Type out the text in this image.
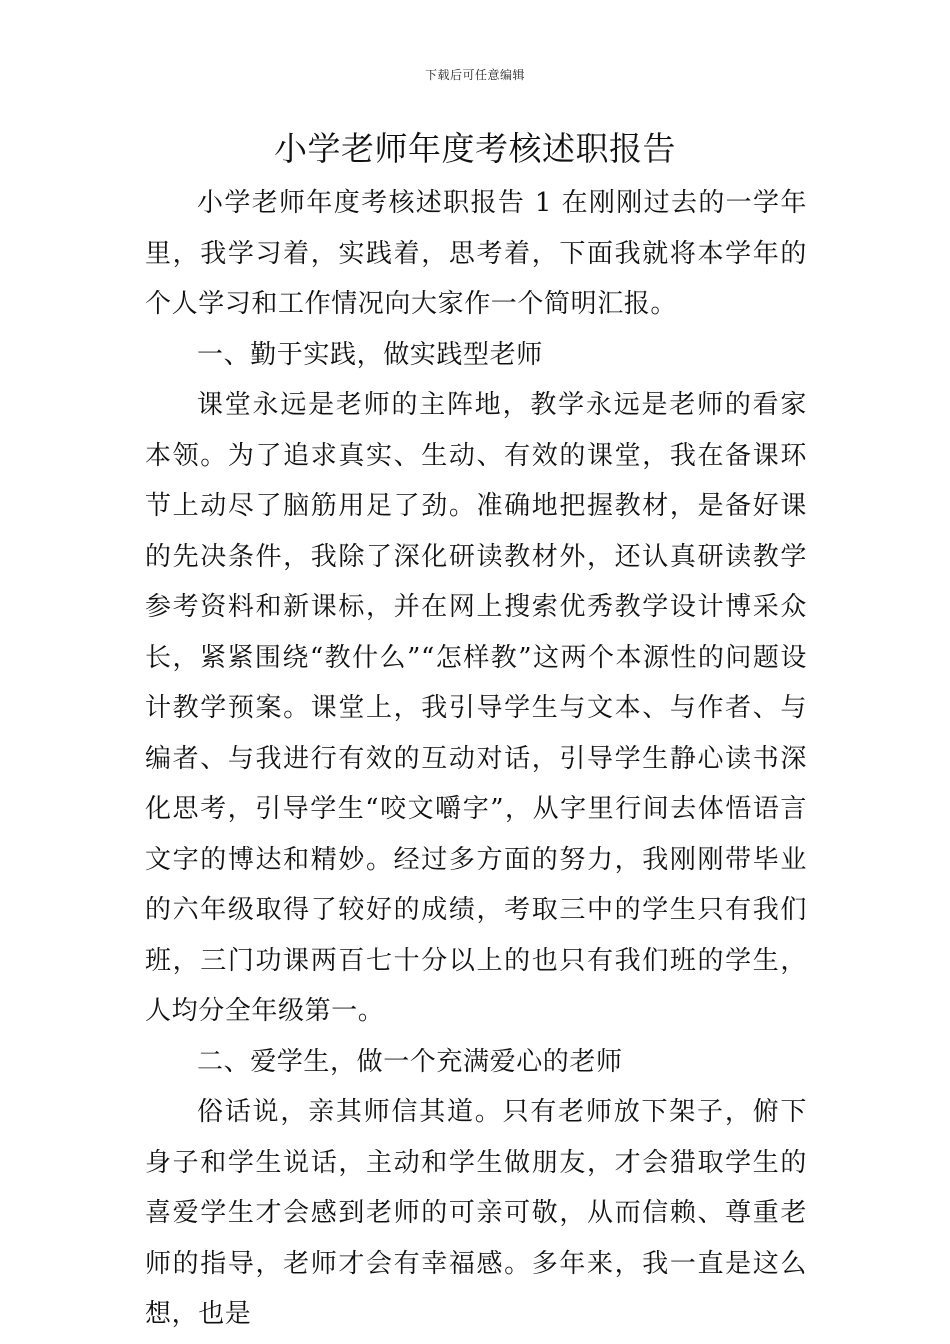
下载后可任意编辑
小学老师年度考核述职报告

小学老师年度考核述职报告 1 在刚刚过去的一学年里，我学习着，实践着，思考着，下面我就将本学年的个人学习和工作情况向大家作一个简明汇报。

一、勤于实践，做实践型老师

课堂永远是老师的主阵地，教学永远是老师的看家本领。为了追求真实、生动、有效的课堂，我在备课环节上动尽了脑筋用足了劲。准确地把握教材，是备好课的先决条件，我除了深化研读教材外，还认真研读教学参考资料和新课标，并在网上搜索优秀教学设计博采众长，紧紧围绕“教什么”“怎样教”这两个本源性的问题设计教学预案。课堂上，我引导学生与文本、与作者、与编者、与我进行有效的互动对话，引导学生静心读书深化思考，引导学生“咬文嚼字”，从字里行间去体悟语言文字的博达和精妙。经过多方面的努力，我刚刚带毕业的六年级取得了较好的成绩，考取三中的学生只有我们班，三门功课两百七十分以上的也只有我们班的学生，人均分全年级第一。

二、爱学生，做一个充满爱心的老师

俗话说，亲其师信其道。只有老师放下架子，俯下身子和学生说话，主动和学生做朋友，才会猎取学生的喜爱学生才会感到老师的可亲可敬，从而信赖、尊重老师的指导，老师才会有幸福感。多年来，我一直是这么想，也是
